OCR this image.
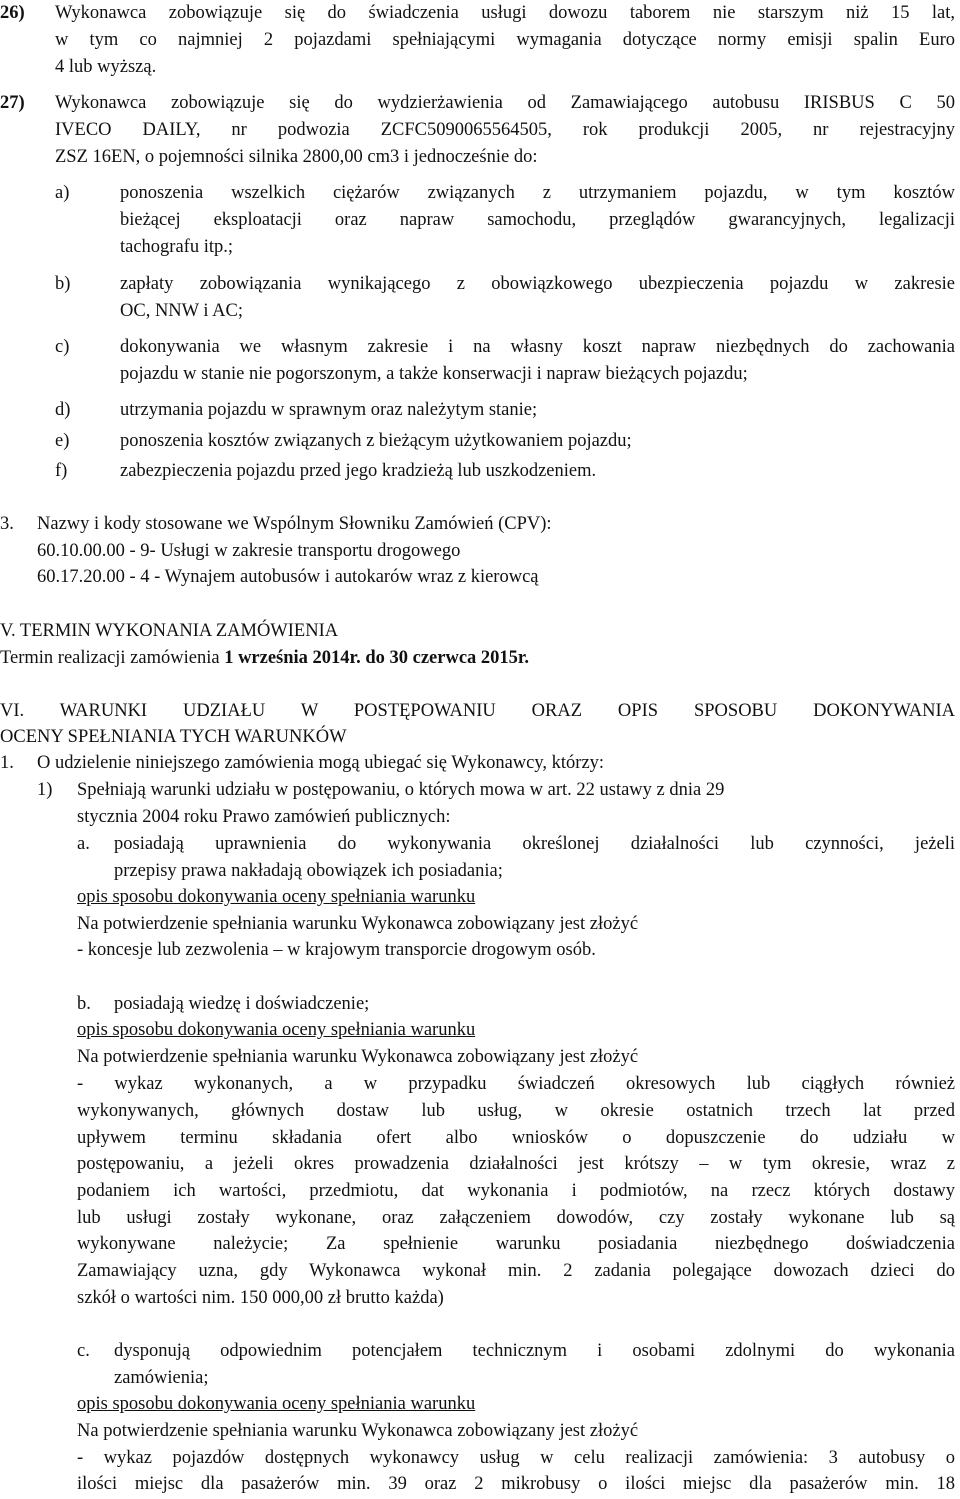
26) Wykonawca zobowiązuje się do świadczenia usługi dowozu taborem nie starszym niż 15 lat,
w tym co najmniej 2 pojazdami spełniającymi wymagania dotyczące normy emisji spalin Euro
4 lub wyższą.
27) Wykonawca zobowiązuje się do wydzierżawienia od Zamawiającego autobusu IRISBUS C 50
IVECO DAILY, nr podwozia ZCFC5090065564505, rok produkcji 2005, nr rejestracyjny
ZSZ 16EN, o pojemności silnika 2800,00 cm3 i jednocześnie do:
a)	ponoszenia wszelkich ciężarów związanych z utrzymaniem pojazdu, w tym kosztów
bieżącej eksploatacji oraz napraw samochodu, przeglądów gwarancyjnych, legalizacji
tachografu itp.;
b)	zapłaty zobowiązania wynikającego z obowiązkowego ubezpieczenia pojazdu w zakresie
OC, NNW i AC;
c)	dokonywania we własnym zakresie i na własny koszt napraw niezbędnych do zachowania
pojazdu w stanie nie pogorszonym, a także konserwacji i napraw bieżących pojazdu;
d)	utrzymania pojazdu w sprawnym oraz należytym stanie;
e)	ponoszenia kosztów związanych z bieżącym użytkowaniem pojazdu;
f)	zabezpieczenia pojazdu przed jego kradzieżą lub uszkodzeniem.
3. Nazwy i kody stosowane we Wspólnym Słowniku Zamówień (CPV):
60.10.00.00 - 9- Usługi w zakresie transportu drogowego
60.17.20.00 - 4 - Wynajem autobusów i autokarów wraz z kierowcą
V. TERMIN WYKONANIA ZAMÓWIENIA
Termin realizacji zamówienia 1 września 2014r. do 30 czerwca 2015r.
VI. WARUNKI UDZIAŁU W POSTĘPOWANIU ORAZ OPIS SPOSOBU DOKONYWANIA
OCENY SPEŁNIANIA TYCH WARUNKÓW
1. O udzielenie niniejszego zamówienia mogą ubiegać się Wykonawcy, którzy:
1) Spełniają warunki udziału w postępowaniu, o których mowa w art. 22 ustawy z dnia 29
stycznia 2004 roku Prawo zamówień publicznych:
a. posiadają uprawnienia do wykonywania określonej działalności lub czynności, jeżeli
przepisy prawa nakładają obowiązek ich posiadania;
opis sposobu dokonywania oceny spełniania warunku
Na potwierdzenie spełniania warunku Wykonawca zobowiązany jest złożyć
- koncesje lub zezwolenia – w krajowym transporcie drogowym osób.
b. posiadają wiedzę i doświadczenie;
opis sposobu dokonywania oceny spełniania warunku
Na potwierdzenie spełniania warunku Wykonawca zobowiązany jest złożyć
- wykaz wykonanych, a w przypadku świadczeń okresowych lub ciągłych również
wykonywanych, głównych dostaw lub usług, w okresie ostatnich trzech lat przed
upływem terminu składania ofert albo wniosków o dopuszczenie do udziału w
postępowaniu, a jeżeli okres prowadzenia działalności jest krótszy – w tym okresie, wraz z
podaniem ich wartości, przedmiotu, dat wykonania i podmiotów, na rzecz których dostawy
lub usługi zostały wykonane, oraz załączeniem dowodów, czy zostały wykonane lub są
wykonywane należycie; Za spełnienie warunku posiadania niezbędnego doświadczenia
Zamawiający uzna, gdy Wykonawca wykonał min. 2 zadania polegające dowozach dzieci do
szkół o wartości nim. 150 000,00 zł brutto każda)
c. dysponują odpowiednim potencjałem technicznym i osobami zdolnymi do wykonania
zamówienia;
opis sposobu dokonywania oceny spełniania warunku
Na potwierdzenie spełniania warunku Wykonawca zobowiązany jest złożyć
- wykaz pojazdów dostępnych wykonawcy usług w celu realizacji zamówienia: 3 autobusy o
ilości miejsc dla pasażerów min. 39 oraz 2 mikrobusy o ilości miejsc dla pasażerów min. 18
